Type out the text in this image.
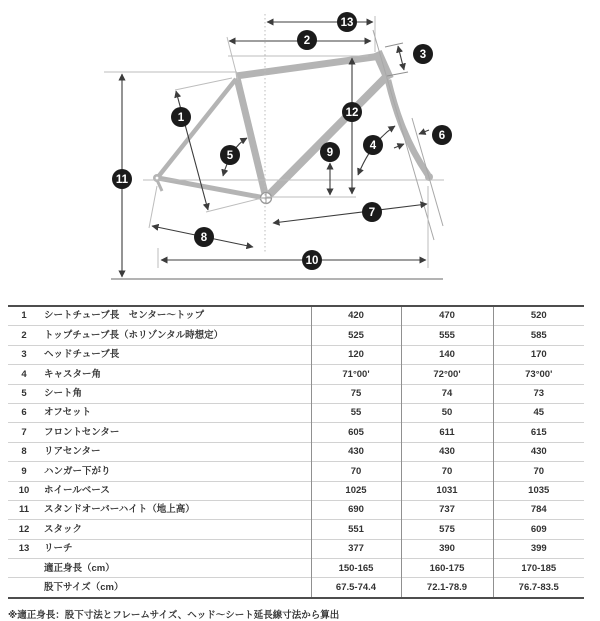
1
2
3
4
5
6
7
8
9
10
11
12
13
1	シートチューブ長　センター〜トップ	420	470	520
2	トップチューブ長（ホリゾンタル時想定）	525	555	585
3	ヘッドチューブ長	120	140	170
4	キャスター角	71°00'	72°00'	73°00'
5	シート角	75	74	73
6	オフセット	55	50	45
7	フロントセンター	605	611	615
8	リアセンター	430	430	430
9	ハンガー下がり	70	70	70
10	ホイールベース	1025	1031	1035
11	スタンドオーバーハイト（地上高）	690	737	784
12	スタック	551	575	609
13	リーチ	377	390	399
	適正身長（cm）	150-165	160-175	170-185
	股下サイズ（cm）	67.5-74.4	72.1-78.9	76.7-83.5
※適正身長：股下寸法とフレームサイズ、ヘッド〜シート延長線寸法から算出
